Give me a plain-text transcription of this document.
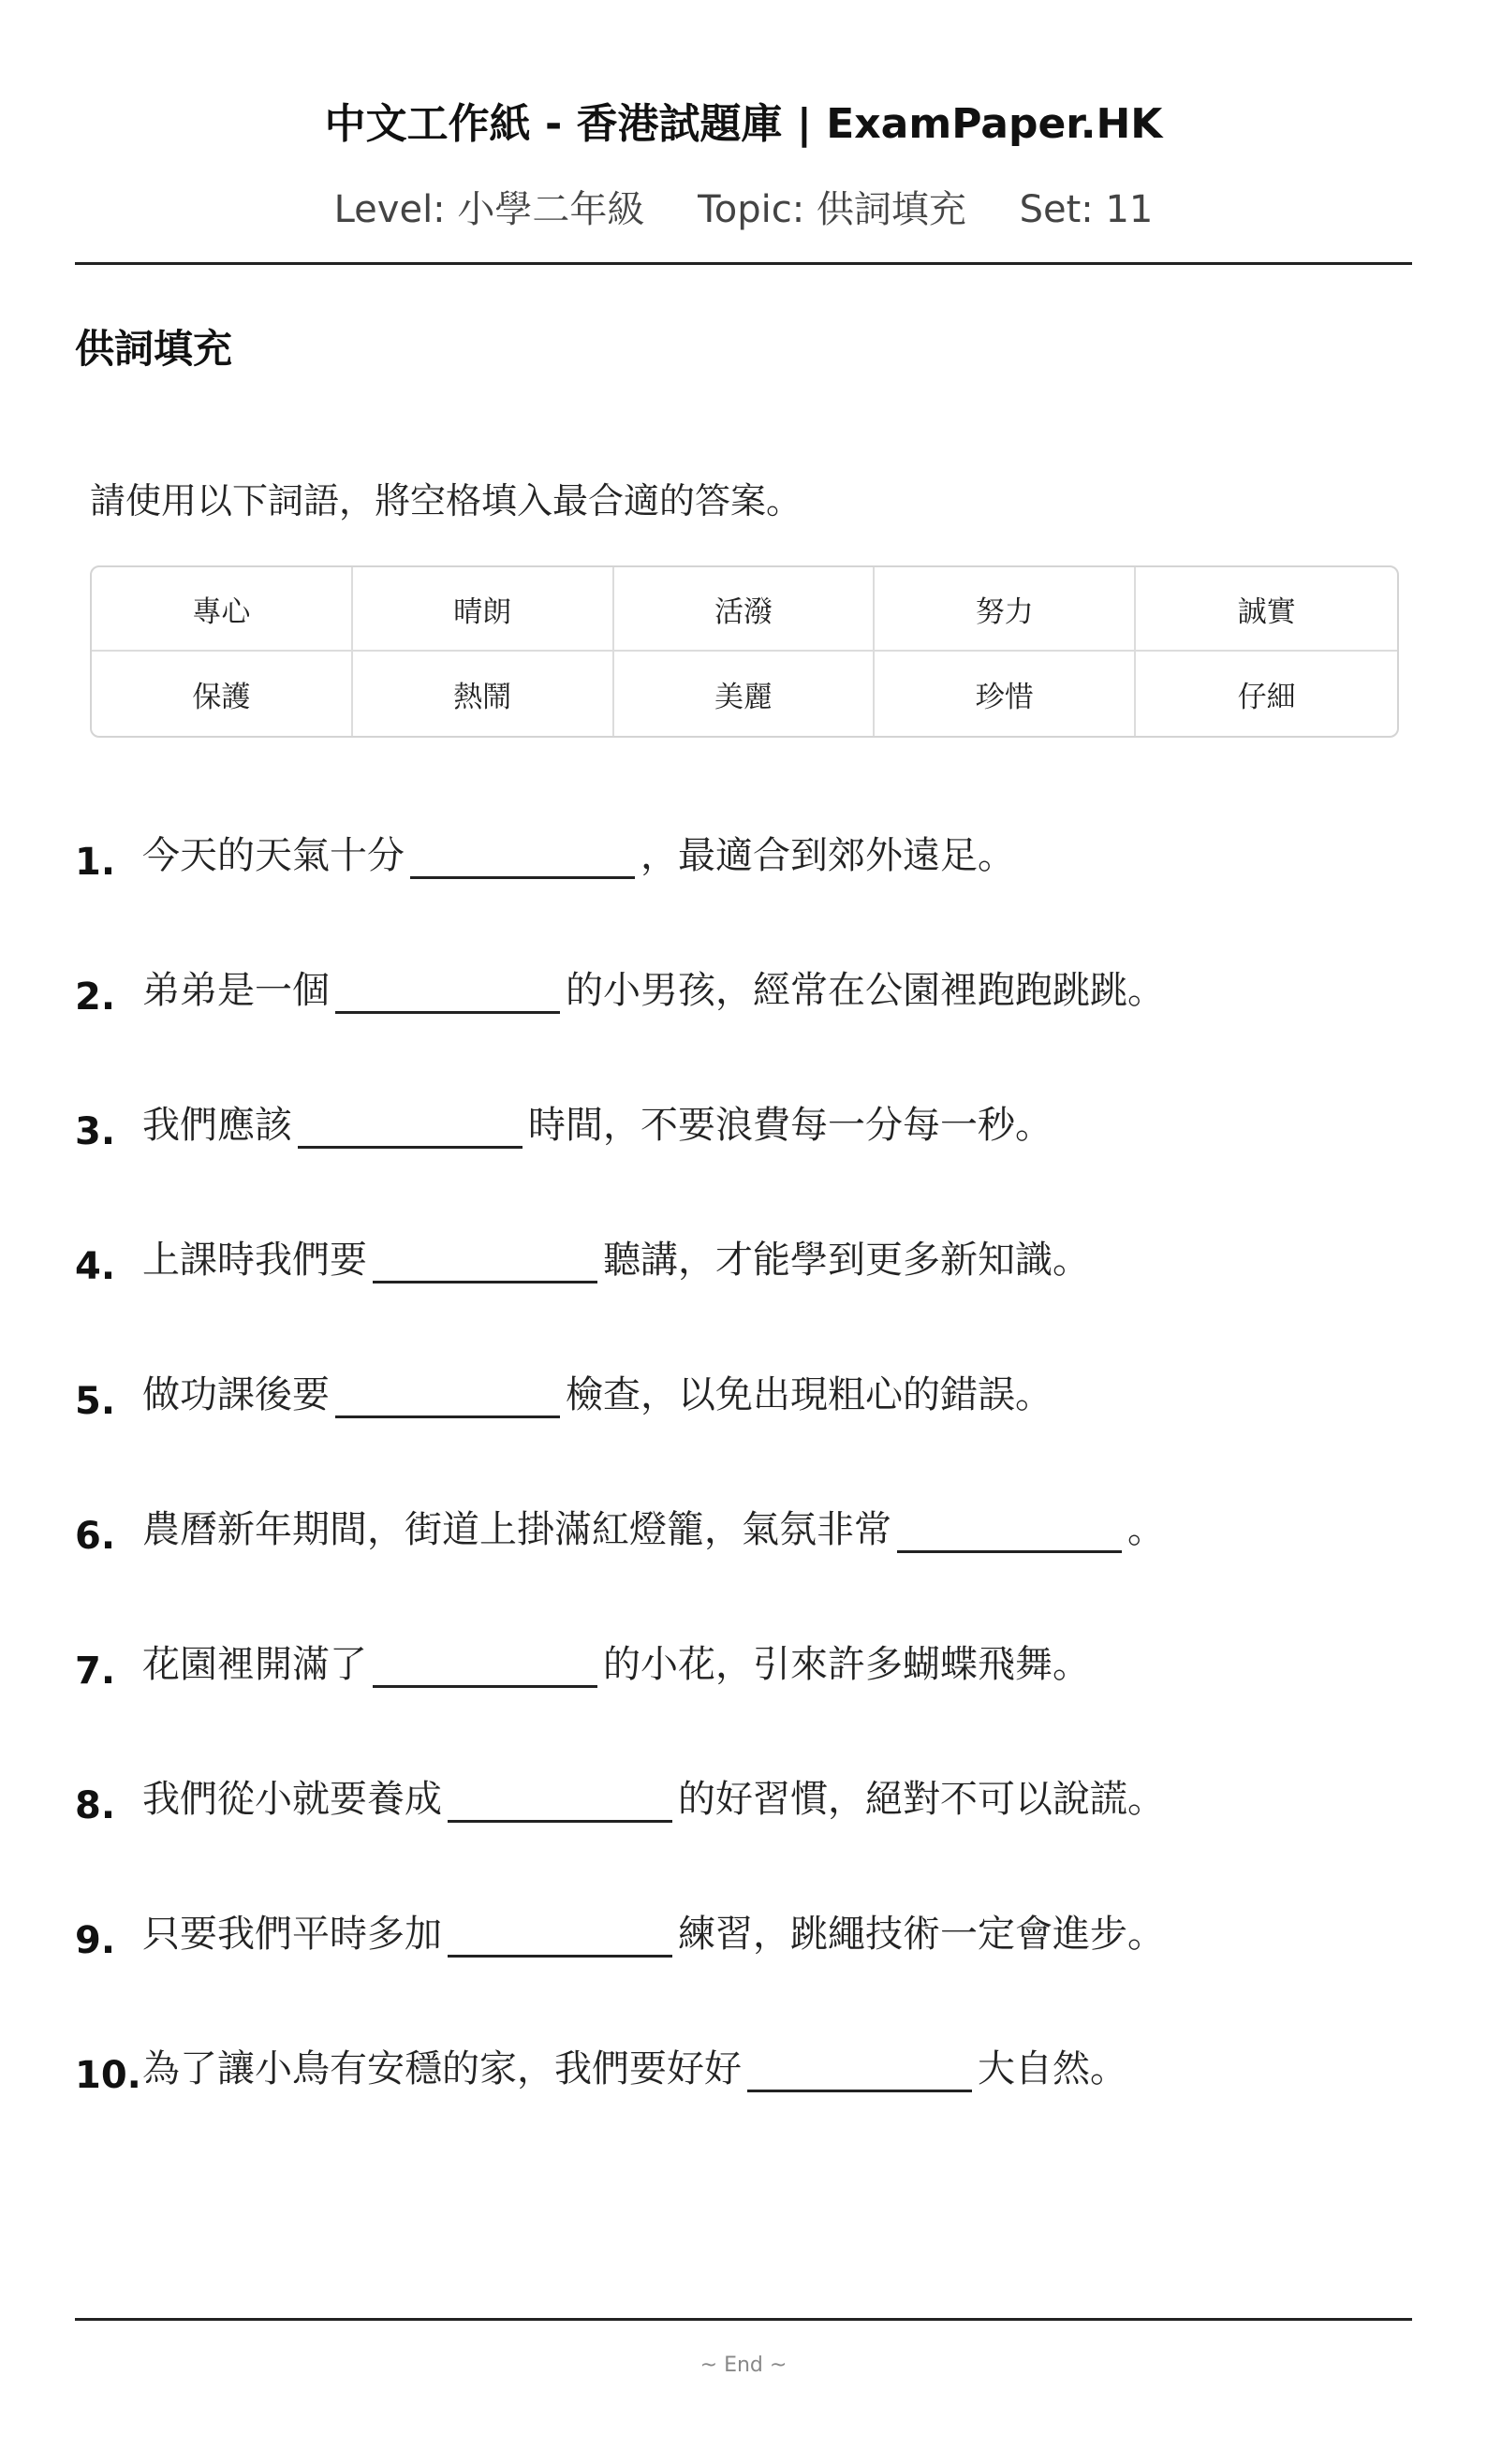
中文工作紙 - 香港試題庫 | ExamPaper.HK
Level: 小學二年級 Topic: 供詞填充 Set: 11
供詞填充
請使用以下詞語，將空格填入最合適的答案。
專心	晴朗	活潑	努力	誠實
保護	熱鬧	美麗	珍惜	仔細
1. 今天的天氣十分	，最適合到郊外遠足。
2. 弟弟是一個	的小男孩，經常在公園裡跑跑跳跳。
3. 我們應該	時間，不要浪費每一分每一秒。
4. 上課時我們要	聽講，才能學到更多新知識。
5. 做功課後要	檢查，以免出現粗心的錯誤。
6. 農曆新年期間，街道上掛滿紅燈籠，氣氛非常	。
7. 花園裡開滿了	的小花，引來許多蝴蝶飛舞。
8. 我們從小就要養成	的好習慣，絕對不可以說謊。
9. 只要我們平時多加	練習，跳繩技術一定會進步。
10. 為了讓小鳥有安穩的家，我們要好好	大自然。
~ End ~
